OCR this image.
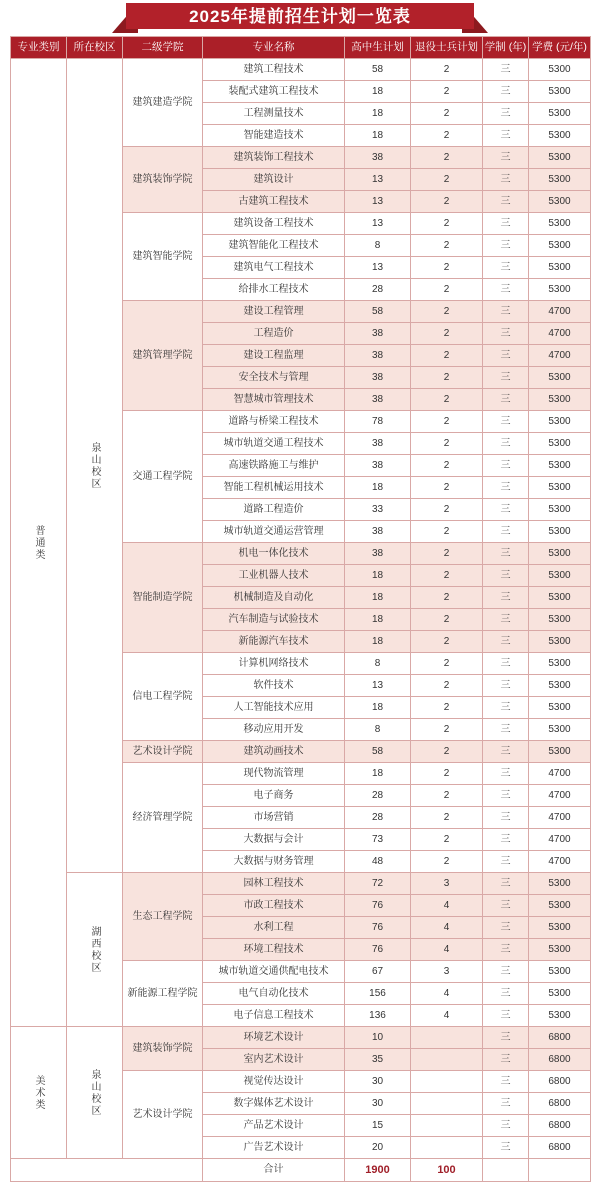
2025年提前招生计划一览表
专业类别	所在校区	二级学院	专业名称	高中生计划	退役士兵计划	学制 (年)	学费 (元/年)
普通类	泉山校区	建筑建造学院	建筑工程技术	58	2	三	5300
			装配式建筑工程技术	18	2	三	5300
			工程测量技术	18	2	三	5300
			智能建造技术	18	2	三	5300
		建筑装饰学院	建筑装饰工程技术	38	2	三	5300
			建筑设计	13	2	三	5300
			古建筑工程技术	13	2	三	5300
		建筑智能学院	建筑设备工程技术	13	2	三	5300
			建筑智能化工程技术	8	2	三	5300
			建筑电气工程技术	13	2	三	5300
			给排水工程技术	28	2	三	5300
		建筑管理学院	建设工程管理	58	2	三	4700
			工程造价	38	2	三	4700
			建设工程监理	38	2	三	4700
			安全技术与管理	38	2	三	5300
			智慧城市管理技术	38	2	三	5300
		交通工程学院	道路与桥梁工程技术	78	2	三	5300
			城市轨道交通工程技术	38	2	三	5300
			高速铁路施工与维护	38	2	三	5300
			智能工程机械运用技术	18	2	三	5300
			道路工程造价	33	2	三	5300
			城市轨道交通运营管理	38	2	三	5300
		智能制造学院	机电一体化技术	38	2	三	5300
			工业机器人技术	18	2	三	5300
			机械制造及自动化	18	2	三	5300
			汽车制造与试验技术	18	2	三	5300
			新能源汽车技术	18	2	三	5300
		信电工程学院	计算机网络技术	8	2	三	5300
			软件技术	13	2	三	5300
			人工智能技术应用	18	2	三	5300
			移动应用开发	8	2	三	5300
		艺术设计学院	建筑动画技术	58	2	三	5300
		经济管理学院	现代物流管理	18	2	三	4700
			电子商务	28	2	三	4700
			市场营销	28	2	三	4700
			大数据与会计	73	2	三	4700
			大数据与财务管理	48	2	三	4700
	湖西校区	生态工程学院	园林工程技术	72	3	三	5300
			市政工程技术	76	4	三	5300
			水利工程	76	4	三	5300
			环境工程技术	76	4	三	5300
		新能源工程学院	城市轨道交通供配电技术	67	3	三	5300
			电气自动化技术	156	4	三	5300
			电子信息工程技术	136	4	三	5300
美术类	泉山校区	建筑装饰学院	环境艺术设计	10		三	6800
			室内艺术设计	35		三	6800
		艺术设计学院	视觉传达设计	30		三	6800
			数字媒体艺术设计	30		三	6800
			产品艺术设计	15		三	6800
			广告艺术设计	20		三	6800
			合计	1900	100		
